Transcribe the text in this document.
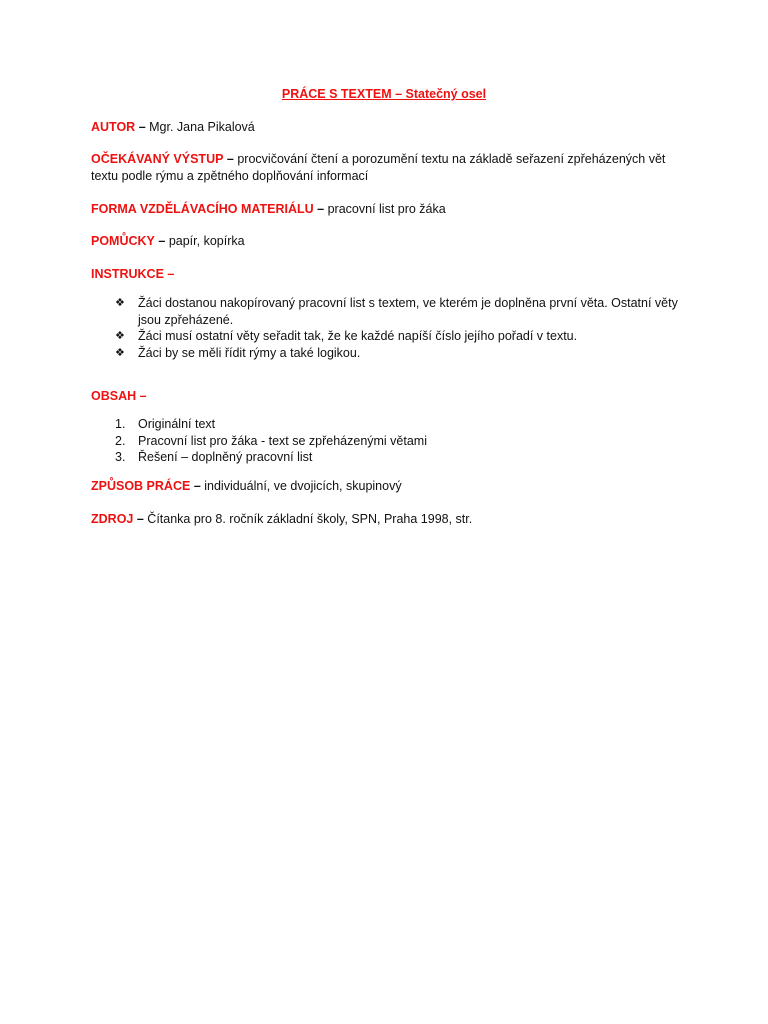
PRÁCE S TEXTEM – Statečný osel
AUTOR – Mgr. Jana Pikalová
OČEKÁVANÝ VÝSTUP – procvičování čtení a porozumění textu na základě seřazení zpřeházených vět textu podle rýmu a zpětného doplňování informací
FORMA VZDĚLÁVACÍHO MATERIÁLU – pracovní list pro žáka
POMŮCKY – papír, kopírka
INSTRUKCE –
❖ Žáci dostanou nakopírovaný pracovní list s textem, ve kterém je doplněna první věta. Ostatní věty jsou zpřeházené.
❖ Žáci musí ostatní věty seřadit tak, že ke každé napíší číslo jejího pořadí v textu.
❖ Žáci by se měli řídit rýmy a také logikou.
OBSAH –
1. Originální text
2. Pracovní list pro žáka - text se zpřeházenými větami
3. Řešení – doplněný pracovní list
ZPŮSOB PRÁCE – individuální, ve dvojicích, skupinový
ZDROJ – Čítanka pro 8. ročník základní školy, SPN, Praha 1998, str.
